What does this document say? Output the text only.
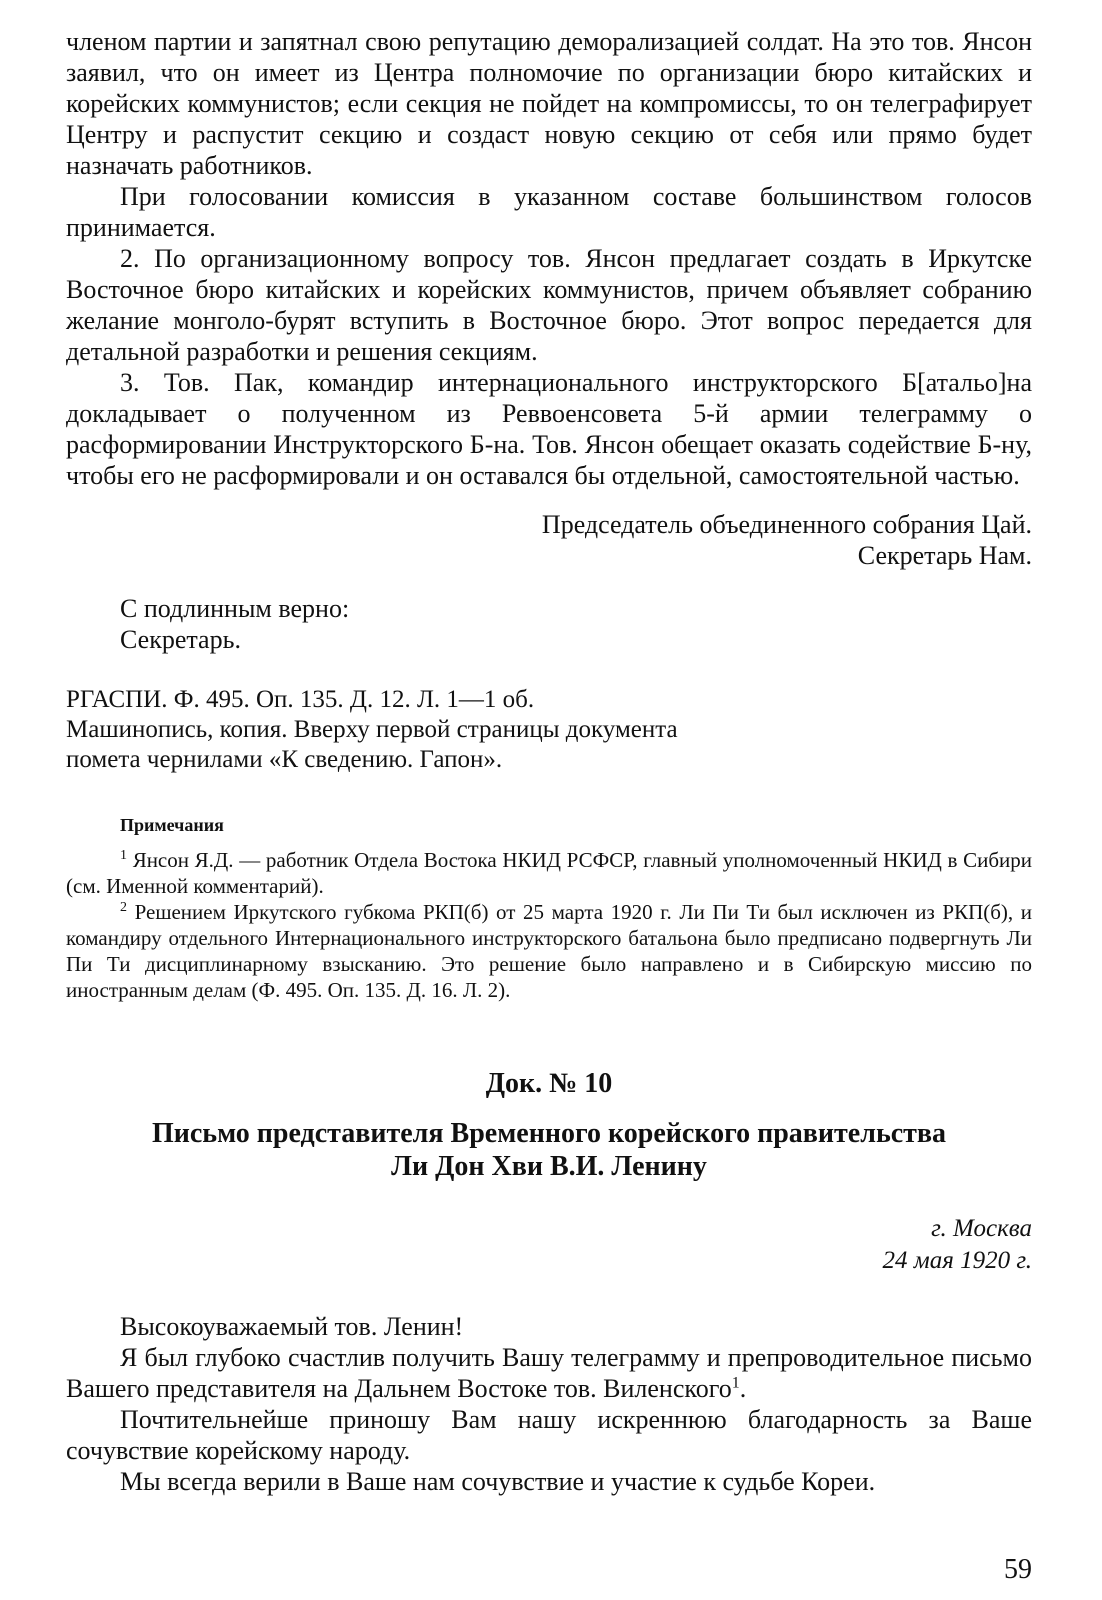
членом партии и запятнал свою репутацию деморализацией солдат. На это тов. Янсон заявил, что он имеет из Центра полномочие по организации бюро китайских и корейских коммунистов; если секция не пойдет на компромиссы, то он телеграфирует Центру и распустит секцию и создаст новую секцию от себя или прямо будет назначать работников.

При голосовании комиссия в указанном составе большинством голосов принимается.

2. По организационному вопросу тов. Янсон предлагает создать в Иркутске Восточное бюро китайских и корейских коммунистов, причем объявляет собранию желание монголо-бурят вступить в Восточное бюро. Этот вопрос передается для детальной разработки и решения секциям.

3. Тов. Пак, командир интернационального инструкторского Б[атальо]на докладывает о полученном из Реввоенсовета 5-й армии телеграмму о расформировании Инструкторского Б-на. Тов. Янсон обещает оказать содействие Б-ну, чтобы его не расформировали и он оставался бы отдельной, самостоятельной частью.

Председатель объединенного собрания Цай.

Секретарь Нам.

С подлинным верно:

Секретарь.

РГАСПИ. Ф. 495. Оп. 135. Д. 12. Л. 1—1 об.

Машинопись, копия. Вверху первой страницы документа

помета чернилами «К сведению. Гапон».

Примечания

$^1$ Янсон Я.Д. — работник Отдела Востока НКИД РСФСР, главный уполномоченный НКИД в Сибири (см. Именной комментарий).

$^2$ Решением Иркутского губкома РКП(б) от 25 марта 1920 г. Ли Пи Ти был исключен из РКП(б), и командиру отдельного Интернационального инструкторского батальона было предписано подвергнуть Ли Пи Ти дисциплинарному взысканию. Это решение было направлено и в Сибирскую миссию по иностранным делам (Ф. 495. Оп. 135. Д. 16. Л. 2).

Док. № 10
Письмо представителя Временного корейского правительства
Ли Дон Хви В.И. Ленину
г. Москва
24 мая 1920 г.

Высокоуважаемый тов. Ленин!

Я был глубоко счастлив получить Вашу телеграмму и препроводительное письмо Вашего представителя на Дальнем Востоке тов. Виленского$^1$.

Почтительнейше приношу Вам нашу искреннюю благодарность за Ваше сочувствие корейскому народу.

Мы всегда верили в Ваше нам сочувствие и участие к судьбе Кореи.

59
